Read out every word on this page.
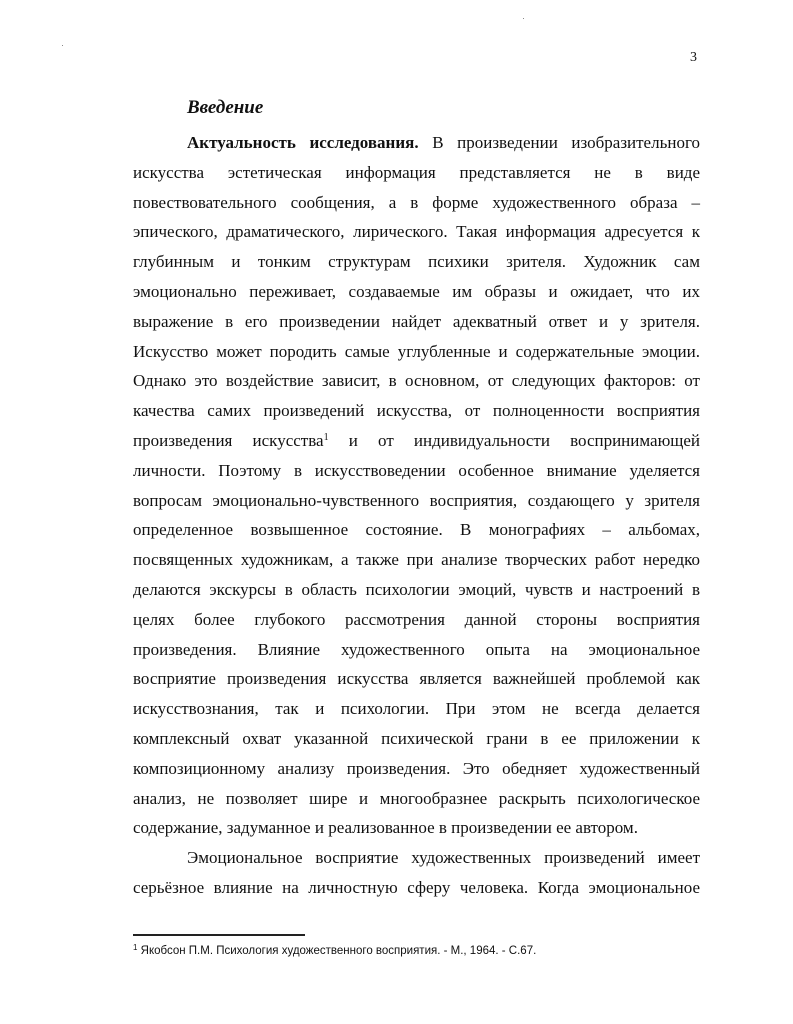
3
Введение
Актуальность исследования. В произведении изобразительного
искусства эстетическая информация представляется не в виде
повествовательного сообщения, а в форме художественного образа –
эпического, драматического, лирического. Такая информация адресуется к
глубинным и тонким структурам психики зрителя. Художник сам
эмоционально переживает, создаваемые им образы и ожидает, что их
выражение в его произведении найдет адекватный ответ и у зрителя.
Искусство может породить самые углубленные и содержательные эмоции.
Однако это воздействие зависит, в основном, от следующих факторов: от
качества самих произведений искусства, от полноценности восприятия
произведения искусства$^1$ и от индивидуальности воспринимающей
личности. Поэтому в искусствоведении особенное внимание уделяется
вопросам эмоционально-чувственного восприятия, создающего у зрителя
определенное возвышенное состояние. В монографиях – альбомах,
посвященных художникам, а также при анализе творческих работ нередко
делаются экскурсы в область психологии эмоций, чувств и настроений в
целях более глубокого рассмотрения данной стороны восприятия
произведения. Влияние художественного опыта на эмоциональное
восприятие произведения искусства является важнейшей проблемой как
искусствознания, так и психологии. При этом не всегда делается
комплексный охват указанной психической грани в ее приложении к
композиционному анализу произведения. Это обедняет художественный
анализ, не позволяет шире и многообразнее раскрыть психологическое
содержание, задуманное и реализованное в произведении ее автором.
Эмоциональное восприятие художественных произведений имеет
серьёзное влияние на личностную сферу человека. Когда эмоциональное
$^1$ Якобсон П.М. Психология художественного восприятия. - М., 1964. - С.67.
